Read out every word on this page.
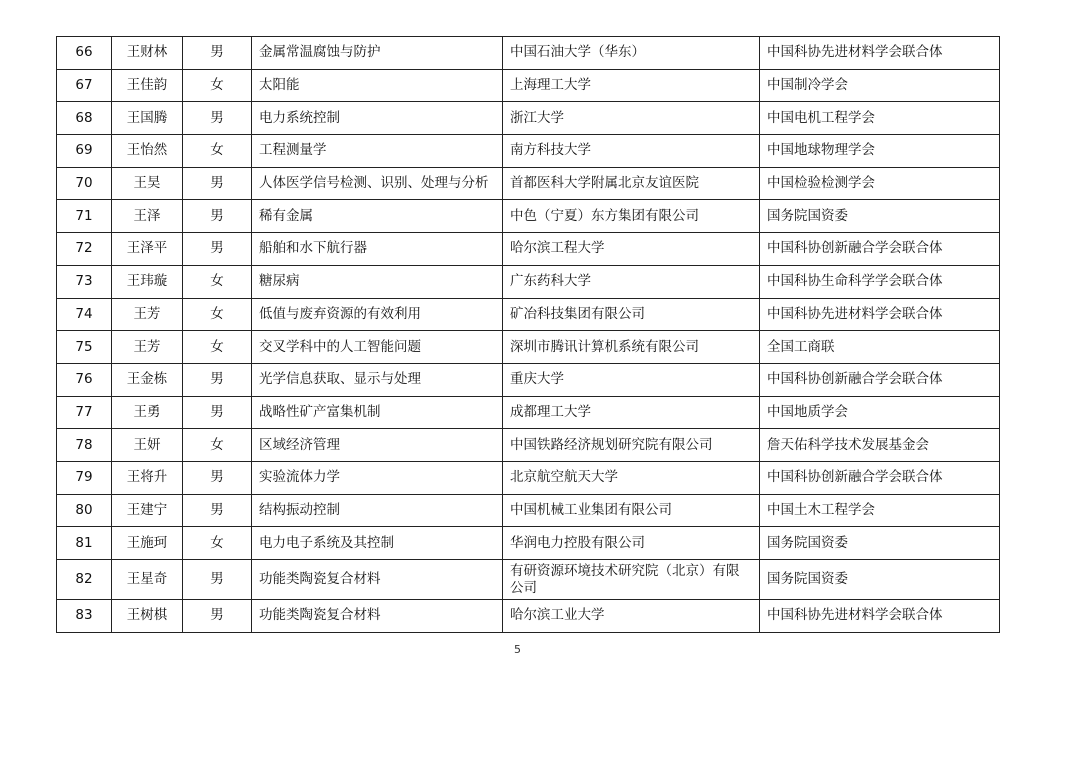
66	王财林	男	金属常温腐蚀与防护	中国石油大学（华东）	中国科协先进材料学会联合体
67	王佳韵	女	太阳能	上海理工大学	中国制冷学会
68	王国腾	男	电力系统控制	浙江大学	中国电机工程学会
69	王怡然	女	工程测量学	南方科技大学	中国地球物理学会
70	王昊	男	人体医学信号检测、识别、处理与分析	首都医科大学附属北京友谊医院	中国检验检测学会
71	王泽	男	稀有金属	中色（宁夏）东方集团有限公司	国务院国资委
72	王泽平	男	船舶和水下航行器	哈尔滨工程大学	中国科协创新融合学会联合体
73	王玮璇	女	糖尿病	广东药科大学	中国科协生命科学学会联合体
74	王芳	女	低值与废弃资源的有效利用	矿冶科技集团有限公司	中国科协先进材料学会联合体
75	王芳	女	交叉学科中的人工智能问题	深圳市腾讯计算机系统有限公司	全国工商联
76	王金栋	男	光学信息获取、显示与处理	重庆大学	中国科协创新融合学会联合体
77	王勇	男	战略性矿产富集机制	成都理工大学	中国地质学会
78	王妍	女	区域经济管理	中国铁路经济规划研究院有限公司	詹天佑科学技术发展基金会
79	王将升	男	实验流体力学	北京航空航天大学	中国科协创新融合学会联合体
80	王建宁	男	结构振动控制	中国机械工业集团有限公司	中国土木工程学会
81	王施珂	女	电力电子系统及其控制	华润电力控股有限公司	国务院国资委
82	王星奇	男	功能类陶瓷复合材料	有研资源环境技术研究院（北京）有限公司	国务院国资委
83	王树棋	男	功能类陶瓷复合材料	哈尔滨工业大学	中国科协先进材料学会联合体
5
